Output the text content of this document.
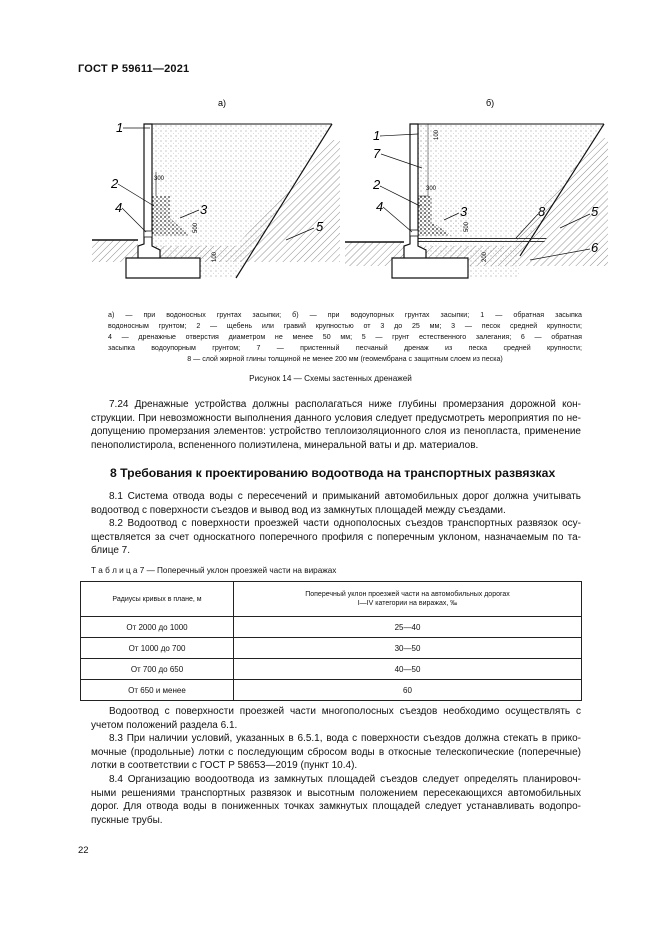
ГОСТ Р 59611—2021
а)
300
500
100
1
2
4	3
5
б)
100
300
500
200
1
7
2
4	3	8	5
6
а) — при водоносных грунтах засыпки; б) — при водоупорных грунтах засыпки; 1 — обратная засыпка
водоносным грунтом; 2 — щебень или гравий крупностью от 3 до 25 мм; 3 — песок средней крупности;
4 — дренажные отверстия диаметром не менее 50 мм; 5 — грунт естественного залегания; 6 — обратная
засыпка водоупорным грунтом; 7 — пристенный песчаный дренаж из песка средней крупности;
8 — слой жирной глины толщиной не менее 200 мм (геомембрана с защитным слоем из песка)
Рисунок 14 — Схемы застенных дренажей
7.24 Дренажные устройства должны располагаться ниже глубины промерзания дорожной кон-
струкции. При невозможности выполнения данного условия следует предусмотреть мероприятия по не-
допущению промерзания элементов: устройство теплоизоляционного слоя из пенопласта, применение
пенополистирола, вспененного полиэтилена, минеральной ваты и др. материалов.
8 Требования к проектированию водоотвода на транспортных развязках
8.1 Система отвода воды с пересечений и примыканий автомобильных дорог должна учитывать
водоотвод с поверхности съездов и вывод вод из замкнутых площадей между съездами.
8.2 Водоотвод с поверхности проезжей части однополосных съездов транспортных развязок осу-
ществляется за счет односкатного поперечного профиля с поперечным уклоном, назначаемым по та-
блице 7.
Т а б л и ц а 7 — Поперечный уклон проезжей части на виражах
Радиусы кривых в плане, м	Поперечный уклон проезжей части на автомобильных дорогах
I—IV категории на виражах, ‰

От 2000 до 1000	25—40
От 1000 до 700	30—50
От 700 до 650	40—50
От 650 и менее	60
Водоотвод с поверхности проезжей части многополосных съездов необходимо осуществлять с
учетом положений раздела 6.1.
8.3 При наличии условий, указанных в 6.5.1, вода с поверхности съездов должна стекать в прико-
мочные (продольные) лотки с последующим сбросом воды в откосные телескопические (поперечные)
лотки в соответствии с ГОСТ Р 58653—2019 (пункт 10.4).
8.4 Организацию воодоотвода из замкнутых площадей съездов следует определять планировоч-
ными решениями транспортных развязок и высотным положением пересекающихся автомобильных
дорог. Для отвода воды в пониженных точках замкнутых площадей следует устанавливать водопро-
пускные трубы.
22
